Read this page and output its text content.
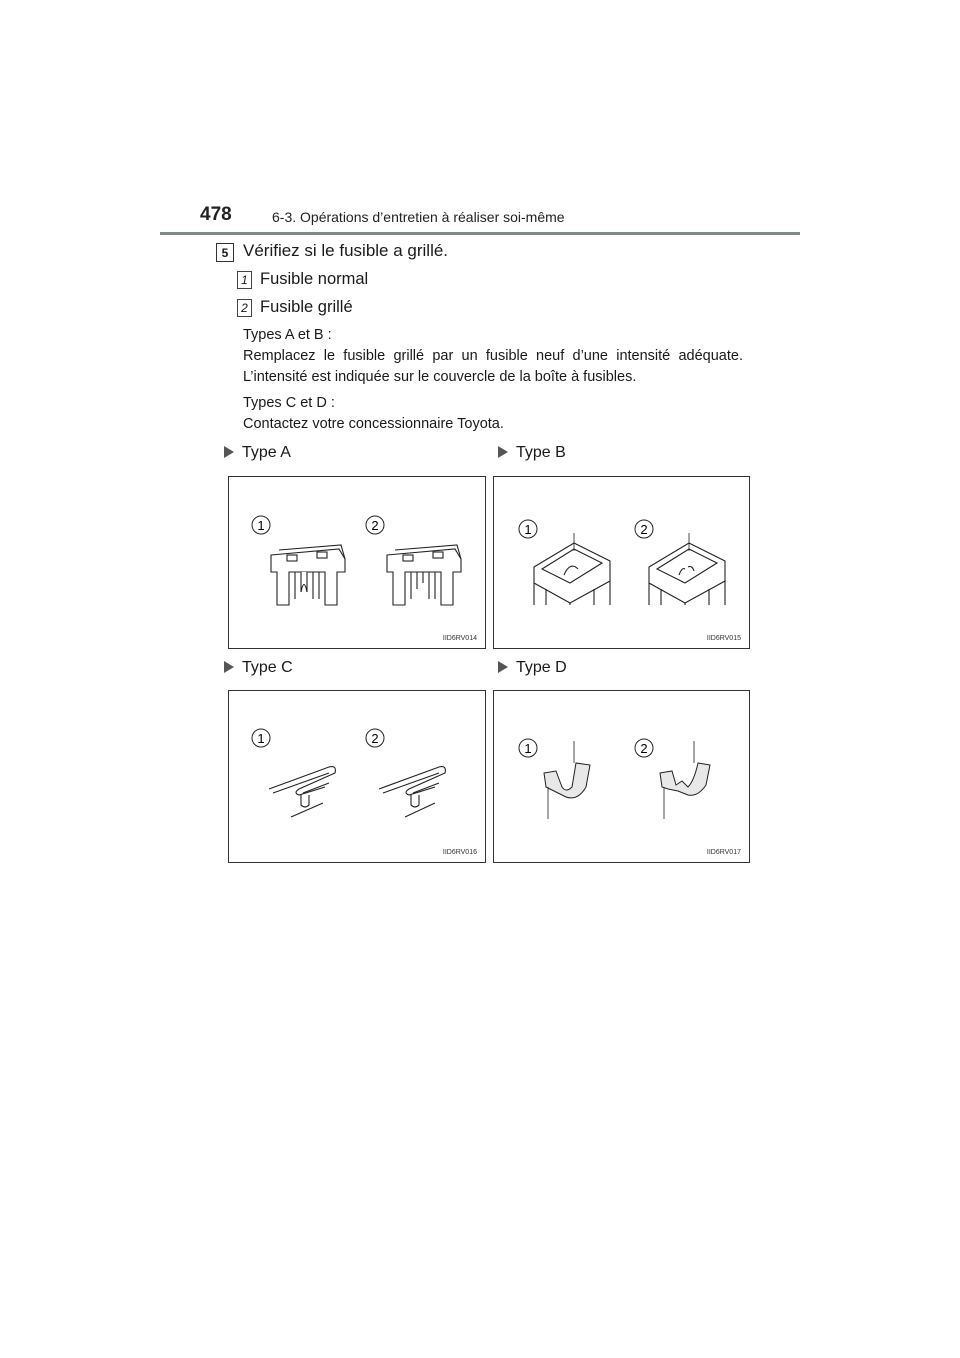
478	6-3. Opérations d’entretien à réaliser soi-même
5 Vérifiez si le fusible a grillé.
1 Fusible normal
2 Fusible grillé
Types A et B :
Remplacez le fusible grillé par un fusible neuf d’une intensité adéquate. L’intensité est indiquée sur le couvercle de la boîte à fusibles.
Types C et D :
Contactez votre concessionnaire Toyota.
Type A	Type B
Type C	Type D
1	2
IID6RV014
1	2
IID6RV015
1	2
IID6RV016
1	2
IID6RV017
